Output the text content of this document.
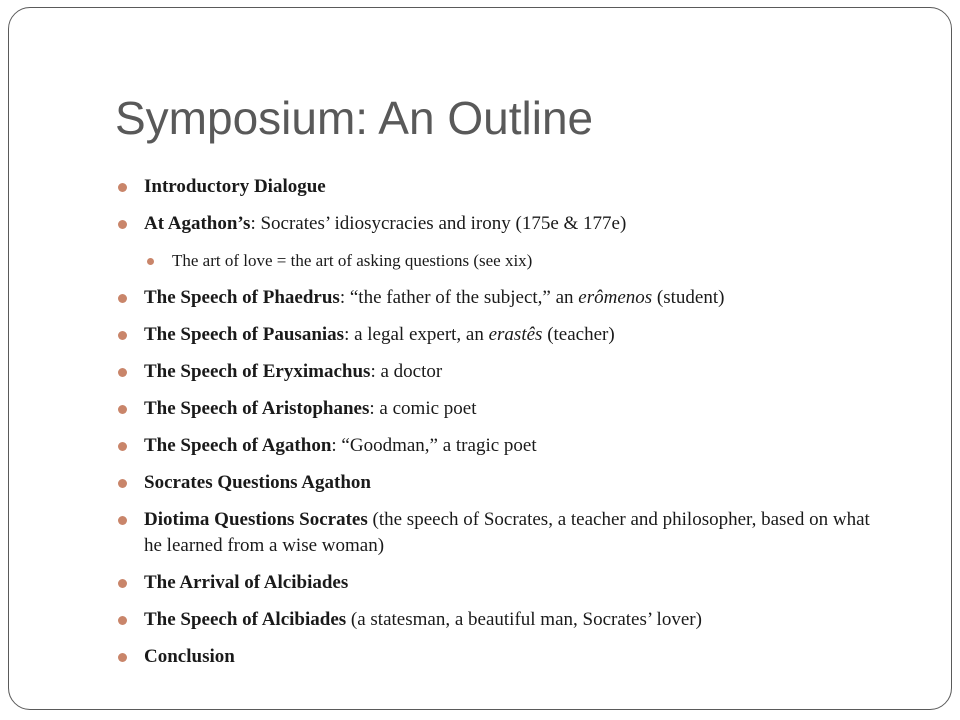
Symposium: An Outline
Introductory Dialogue
At Agathon’s: Socrates’ idiosycracies and irony (175e & 177e)
The art of love = the art of asking questions (see xix)
The Speech of Phaedrus: “the father of the subject,” an erômenos (student)
The Speech of Pausanias: a legal expert, an erastês (teacher)
The Speech of Eryximachus: a doctor
The Speech of Aristophanes: a comic poet
The Speech of Agathon: “Goodman,” a tragic poet
Socrates Questions Agathon
Diotima Questions Socrates (the speech of Socrates, a teacher and philosopher, based on what he learned from a wise woman)
The Arrival of Alcibiades
The Speech of Alcibiades (a statesman, a beautiful man, Socrates’ lover)
Conclusion
